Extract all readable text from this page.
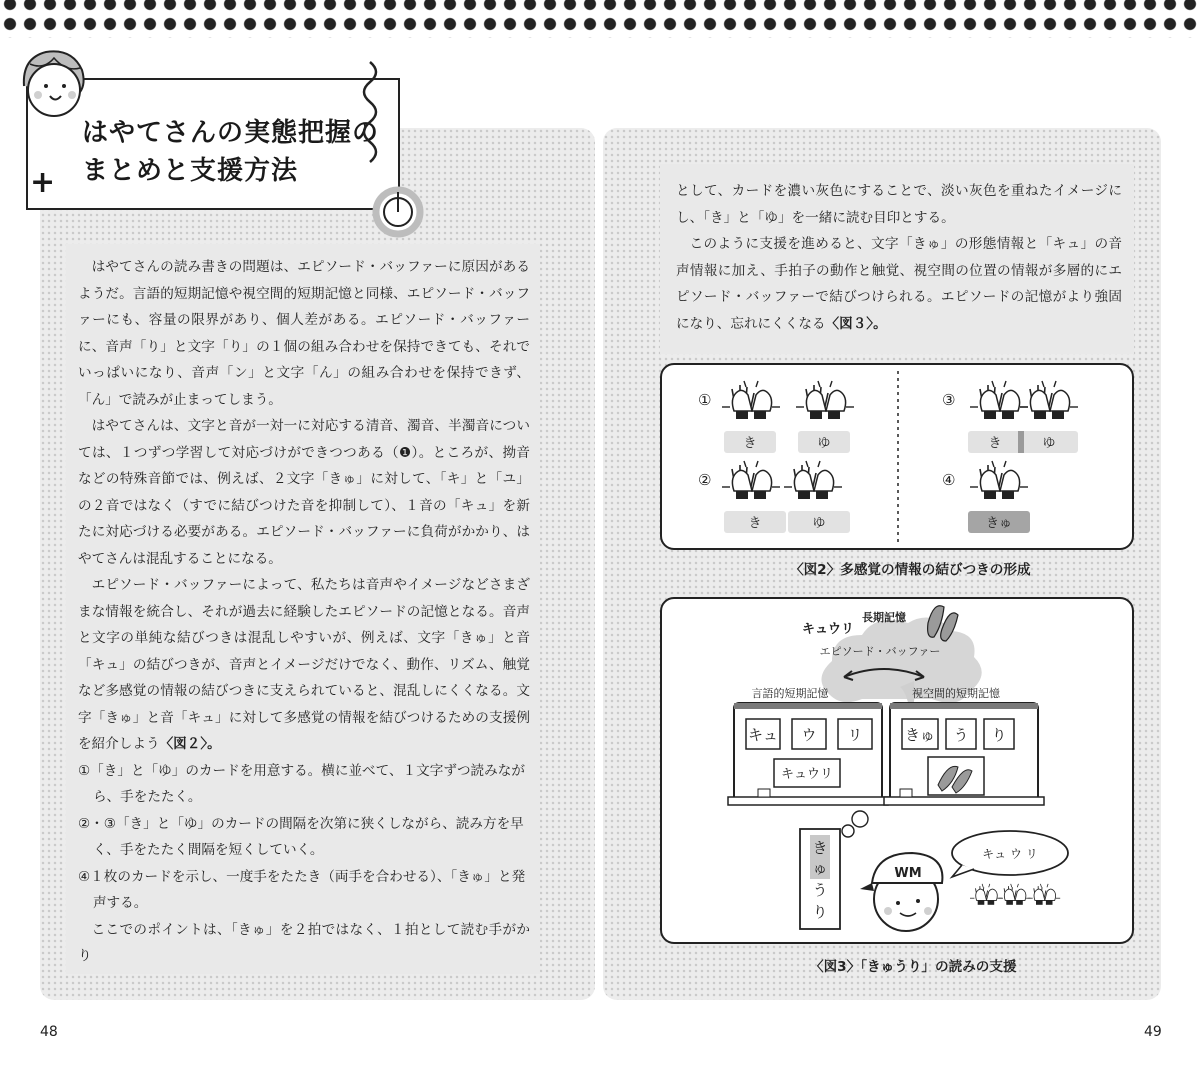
はやてさんの実態把握の
まとめと支援方法
+

はやてさんの読み書きの問題は、エピソード・バッファーに原因があるようだ。言語的短期記憶や視空間的短期記憶と同様、エピソード・バッファーにも、容量の限界があり、個人差がある。エピソード・バッファーに、音声「り」と文字「り」の１個の組み合わせを保持できても、それでいっぱいになり、音声「ン」と文字「ん」の組み合わせを保持できず、「ん」で読みが止まってしまう。

はやてさんは、文字と音が一対一に対応する清音、濁音、半濁音については、１つずつ学習して対応づけができつつある（❶）。ところが、拗音などの特殊音節では、例えば、２文字「きゅ」に対して、「キ」と「ユ」の２音ではなく（すでに結びつけた音を抑制して）、１音の「キュ」を新たに対応づける必要がある。エピソード・バッファーに負荷がかかり、はやてさんは混乱することになる。

エピソード・バッファーによって、私たちは音声やイメージなどさまざまな情報を統合し、それが過去に経験したエピソードの記憶となる。音声と文字の単純な結びつきは混乱しやすいが、例えば、文字「きゅ」と音「キュ」の結びつきが、音声とイメージだけでなく、動作、リズム、触覚など多感覚の情報の結びつきに支えられていると、混乱しにくくなる。文字「きゅ」と音「キュ」に対して多感覚の情報を結びつけるための支援例を紹介しよう〈図２〉。

①「き」と「ゆ」のカードを用意する。横に並べて、１文字ずつ読みながら、手をたたく。

②・③「き」と「ゆ」のカードの間隔を次第に狭くしながら、読み方を早く、手をたたく間隔を短くしていく。

④１枚のカードを示し、一度手をたたき（両手を合わせる）、「きゅ」と発声する。

ここでのポイントは、「きゅ」を２拍ではなく、１拍として読む手がかり

として、カードを濃い灰色にすることで、淡い灰色を重ねたイメージにし、「き」と「ゆ」を一緒に読む目印とする。

このように支援を進めると、文字「きゅ」の形態情報と「キュ」の音声情報に加え、手拍子の動作と触覚、視空間の位置の情報が多層的にエピソード・バッファーで結びつけられる。エピソードの記憶がより強固になり、忘れにくくなる〈図３〉。

①
き	ゆ
②
き	ゆ
③
き	ゆ
④
きゅ
〈図2〉多感覚の情報の結びつきの形成
キュウリ
長期記憶
エピソード・バッファー
言語的短期記憶	視空間的短期記憶
キュ ウ リ
キュウリ
きゅ う り
き
ゅ
う
り
きゅうり
キュ ウ リ
WM
〈図3〉「きゅうり」の読みの支援
48	49
